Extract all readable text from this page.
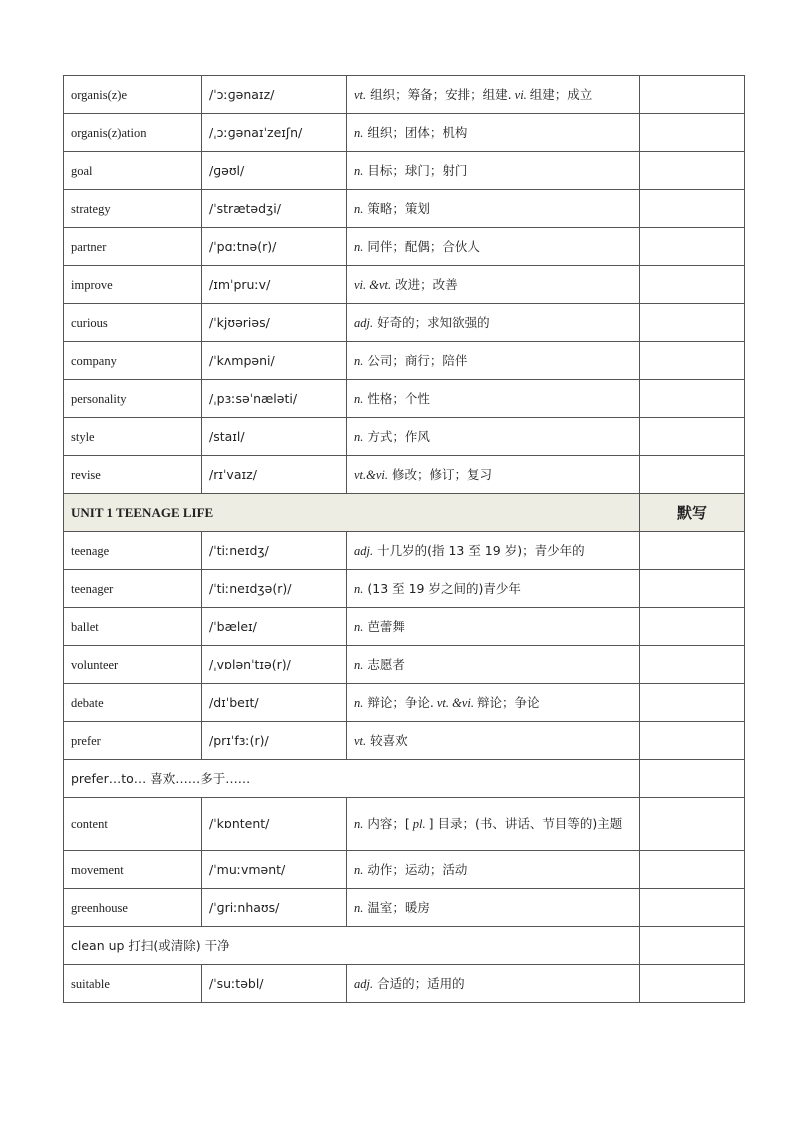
organis(z)e	/ˈɔːɡənaɪz/	vt. 组织；筹备；安排；组建. vi. 组建；成立	
organis(z)ation	/ˌɔːɡənaɪˈzeɪʃn/	n. 组织；团体；机构	
goal	/ɡəʊl/	n. 目标；球门；射门	
strategy	/ˈstrætədʒi/	n. 策略；策划	
partner	/ˈpɑːtnə(r)/	n. 同伴；配偶；合伙人	
improve	/ɪmˈpruːv/	vi. &vt. 改进；改善	
curious	/ˈkjʊəriəs/	adj. 好奇的；求知欲强的	
company	/ˈkʌmpəni/	n. 公司；商行；陪伴	
personality	/ˌpɜːsəˈnæləti/	n. 性格；个性	
style	/staɪl/	n. 方式；作风	
revise	/rɪˈvaɪz/	vt.&vi. 修改；修订；复习	
UNIT 1 TEENAGE LIFE			默写
teenage	/ˈtiːneɪdʒ/	adj. 十几岁的(指 13 至 19 岁)；青少年的	
teenager	/ˈtiːneɪdʒə(r)/	n. (13 至 19 岁之间的)青少年	
ballet	/ˈbæleɪ/	n. 芭蕾舞	
volunteer	/ˌvɒlənˈtɪə(r)/	n. 志愿者	
debate	/dɪˈbeɪt/	n. 辩论；争论. vt. &vi. 辩论；争论	
prefer	/prɪˈfɜː(r)/	vt. 较喜欢	
prefer…to… 喜欢……多于……			
content	/ˈkɒntent/	n. 内容；[ pl. ] 目录；(书、讲话、节目等的)主题	
movement	/ˈmuːvmənt/	n. 动作；运动；活动	
greenhouse	/ˈɡriːnhaʊs/	n. 温室；暖房	
clean up 打扫(或清除) 干净			
suitable	/ˈsuːtəbl/	adj. 合适的；适用的	
